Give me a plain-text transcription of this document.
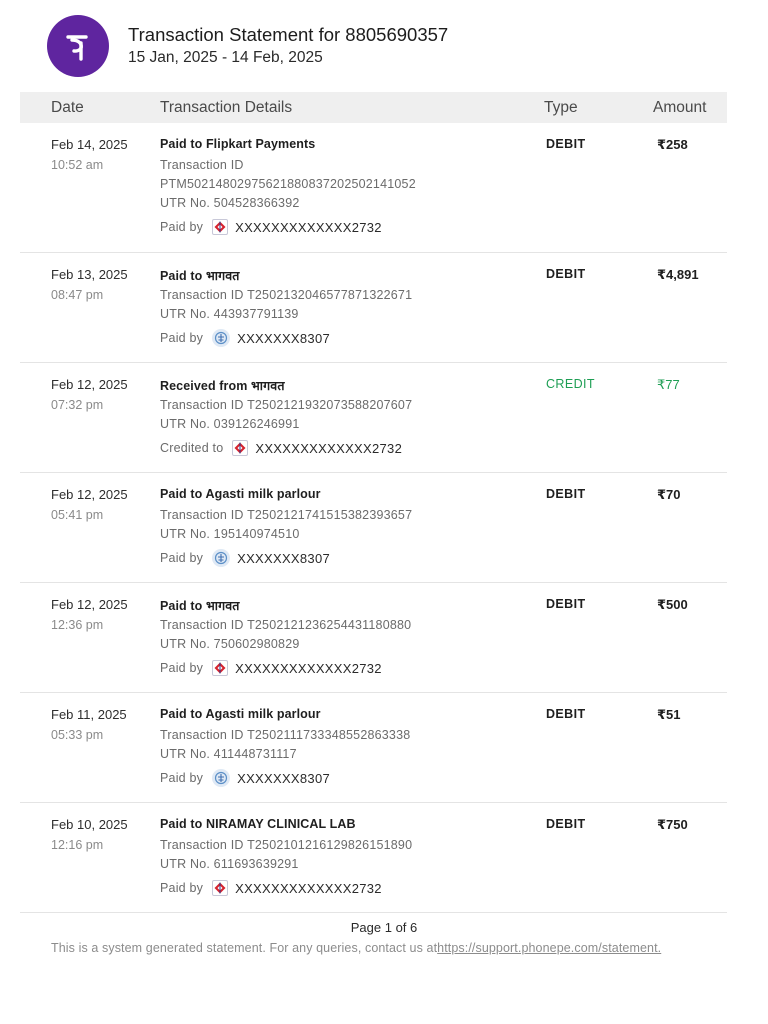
Transaction Statement for 8805690357
15 Jan, 2025 - 14 Feb, 2025
Date	Transaction Details	Type	Amount
Feb 14, 2025
10:52 am
Paid to Flipkart Payments
Transaction ID
PTM50214802975621880837202502141052
UTR No. 504528366392
Paid by XXXXXXXXXXXXX2732
DEBIT	₹258
Feb 13, 2025
08:47 pm
Paid to भागवत
Transaction ID T2502132046577871322671
UTR No. 443937791139
Paid by	XXXXXXX8307
DEBIT	₹4,891
Feb 12, 2025
07:32 pm
Received from भागवत
Transaction ID T2502121932073588207607
UTR No. 039126246991
Credited to XXXXXXXXXXXXX2732
CREDIT	₹77
Feb 12, 2025
05:41 pm
Paid to Agasti milk parlour
Transaction ID T2502121741515382393657
UTR No. 195140974510
Paid by	XXXXXXX8307
DEBIT	₹70
Feb 12, 2025
12:36 pm
Paid to भागवत
Transaction ID T2502121236254431180880
UTR No. 750602980829
Paid by XXXXXXXXXXXXX2732
DEBIT	₹500
Feb 11, 2025
05:33 pm
Paid to Agasti milk parlour
Transaction ID T2502111733348552863338
UTR No. 411448731117
Paid by	XXXXXXX8307
DEBIT	₹51
Feb 10, 2025
12:16 pm
Paid to NIRAMAY CLINICAL LAB
Transaction ID T2502101216129826151890
UTR No. 611693639291
Paid by XXXXXXXXXXXXX2732
DEBIT	₹750
Page 1 of 6
This is a system generated statement. For any queries, contact us athttps://support.phonepe.com/statement.
